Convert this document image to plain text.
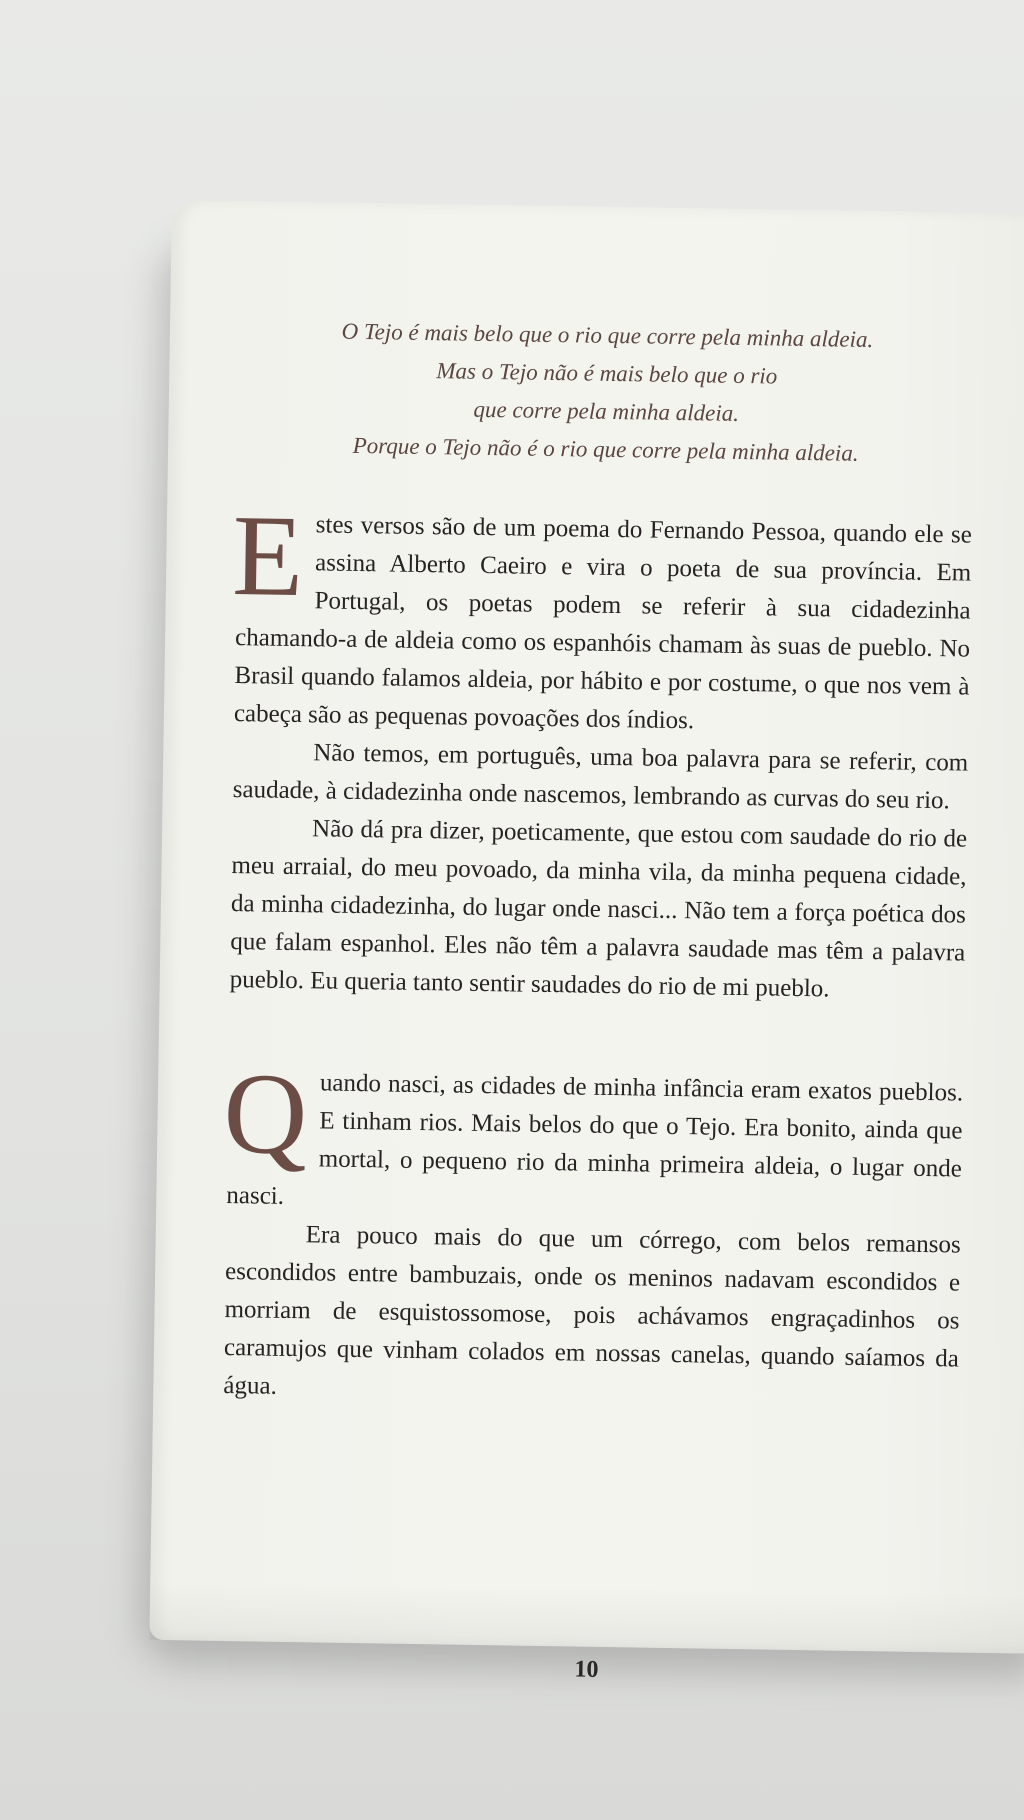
O Tejo é mais belo que o rio que corre pela minha aldeia.
Mas o Tejo não é mais belo que o rio
que corre pela minha aldeia.
Porque o Tejo não é o rio que corre pela minha aldeia.

Estes versos são de um poema do Fernando Pessoa, quando ele se assina Alberto Caeiro e vira o poeta de sua província. Em Portugal, os poetas podem se referir à sua cidadezinha chamando-a de aldeia como os espanhóis chamam às suas de pueblo. No Brasil quando falamos aldeia, por hábito e por costume, o que nos vem à cabeça são as pequenas povoações dos índios.

Não temos, em português, uma boa palavra para se referir, com saudade, à cidadezinha onde nascemos, lembrando as curvas do seu rio.

Não dá pra dizer, poeticamente, que estou com saudade do rio de meu arraial, do meu povoado, da minha vila, da minha pequena cidade, da minha cidadezinha, do lugar onde nasci... Não tem a força poética dos que falam espanhol. Eles não têm a palavra saudade mas têm a palavra pueblo. Eu queria tanto sentir saudades do rio de mi pueblo.

Quando nasci, as cidades de minha infância eram exatos pueblos. E tinham rios. Mais belos do que o Tejo. Era bonito, ainda que mortal, o pequeno rio da minha primeira aldeia, o lugar onde nasci.

Era pouco mais do que um córrego, com belos remansos escondidos entre bambuzais, onde os meninos nadavam escondidos e morriam de esquistossomose, pois achávamos engraçadinhos os caramujos que vinham colados em nossas canelas, quando saíamos da água.

10
